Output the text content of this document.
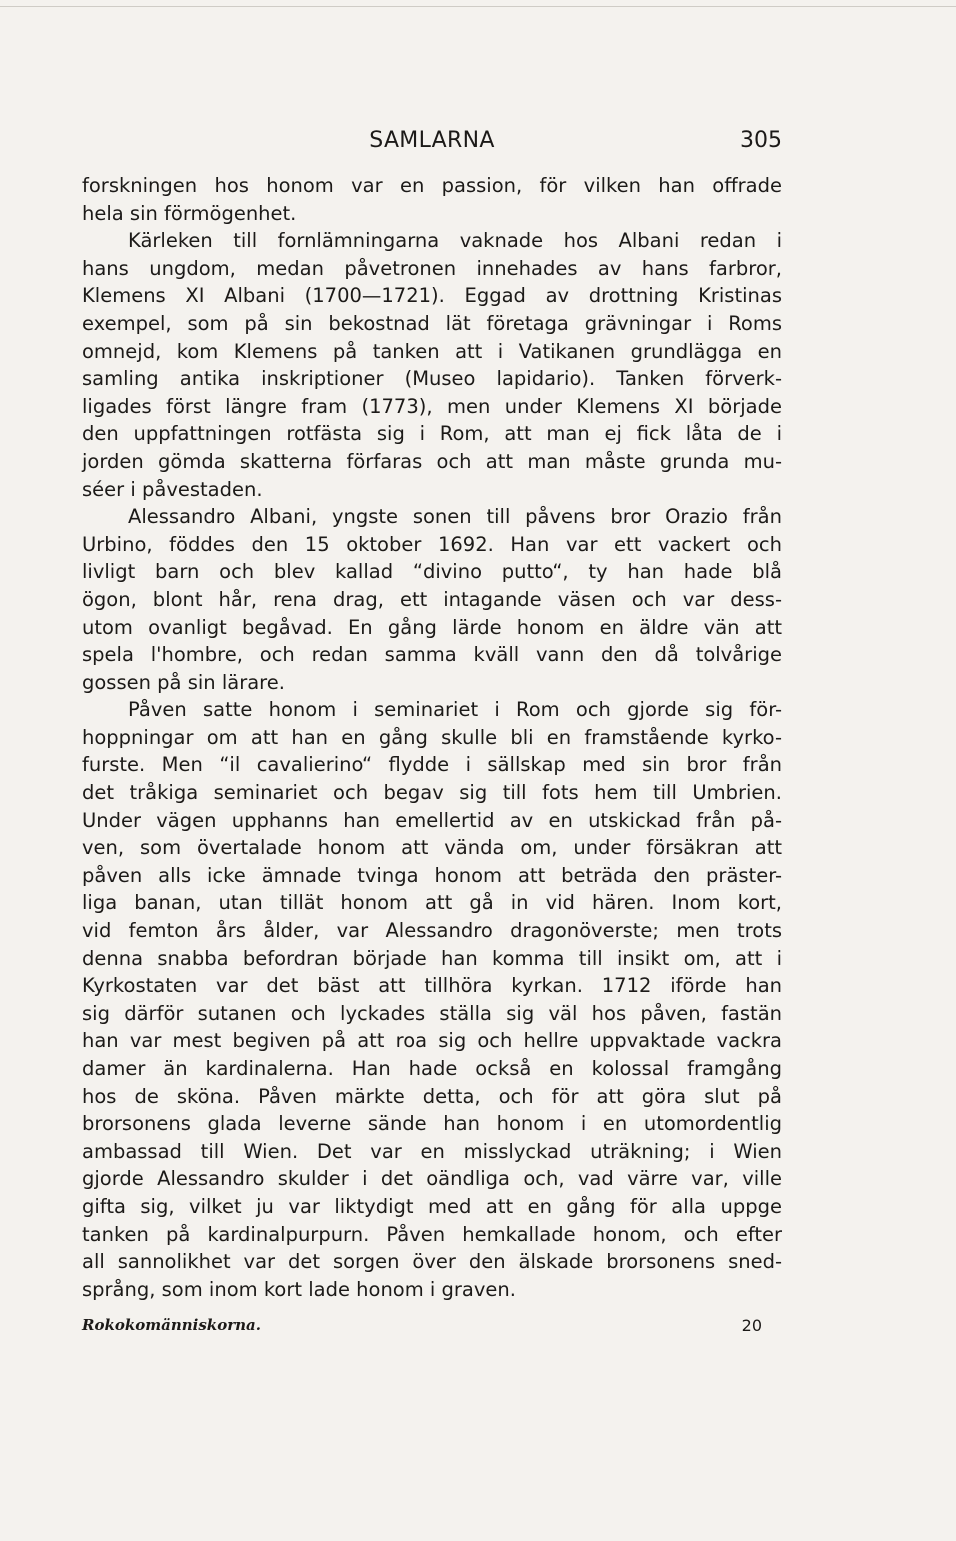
SAMLARNA	305
forskningen hos honom var en passion, för vilken han offrade
hela sin förmögenhet.
Kärleken till fornlämningarna vaknade hos Albani redan i
hans ungdom, medan påvetronen innehades av hans farbror,
Klemens XI Albani (1700—1721). Eggad av drottning Kristinas
exempel, som på sin bekostnad lät företaga grävningar i Roms
omnejd, kom Klemens på tanken att i Vatikanen grundlägga en
samling antika inskriptioner (Museo lapidario). Tanken förverk-
ligades först längre fram (1773), men under Klemens XI började
den uppfattningen rotfästa sig i Rom, att man ej fick låta de i
jorden gömda skatterna förfaras och att man måste grunda mu-
séer i påvestaden.
Alessandro Albani, yngste sonen till påvens bror Orazio från
Urbino, föddes den 15 oktober 1692. Han var ett vackert och
livligt barn och blev kallad “divino putto“, ty han hade blå
ögon, blont hår, rena drag, ett intagande väsen och var dess-
utom ovanligt begåvad. En gång lärde honom en äldre vän att
spela l'hombre, och redan samma kväll vann den då tolvårige
gossen på sin lärare.
Påven satte honom i seminariet i Rom och gjorde sig för-
hoppningar om att han en gång skulle bli en framstående kyrko-
furste. Men “il cavalierino“ flydde i sällskap med sin bror från
det tråkiga seminariet och begav sig till fots hem till Umbrien.
Under vägen upphanns han emellertid av en utskickad från på-
ven, som övertalade honom att vända om, under försäkran att
påven alls icke ämnade tvinga honom att beträda den präster-
liga banan, utan tillät honom att gå in vid hären. Inom kort,
vid femton års ålder, var Alessandro dragonöverste; men trots
denna snabba befordran började han komma till insikt om, att i
Kyrkostaten var det bäst att tillhöra kyrkan. 1712 iförde han
sig därför sutanen och lyckades ställa sig väl hos påven, fastän
han var mest begiven på att roa sig och hellre uppvaktade vackra
damer än kardinalerna. Han hade också en kolossal framgång
hos de sköna. Påven märkte detta, och för att göra slut på
brorsonens glada leverne sände han honom i en utomordentlig
ambassad till Wien. Det var en misslyckad uträkning; i Wien
gjorde Alessandro skulder i det oändliga och, vad värre var, ville
gifta sig, vilket ju var liktydigt med att en gång för alla uppge
tanken på kardinalpurpurn. Påven hemkallade honom, och efter
all sannolikhet var det sorgen över den älskade brorsonens sned-
språng, som inom kort lade honom i graven.
Rokokomänniskorna.	20
